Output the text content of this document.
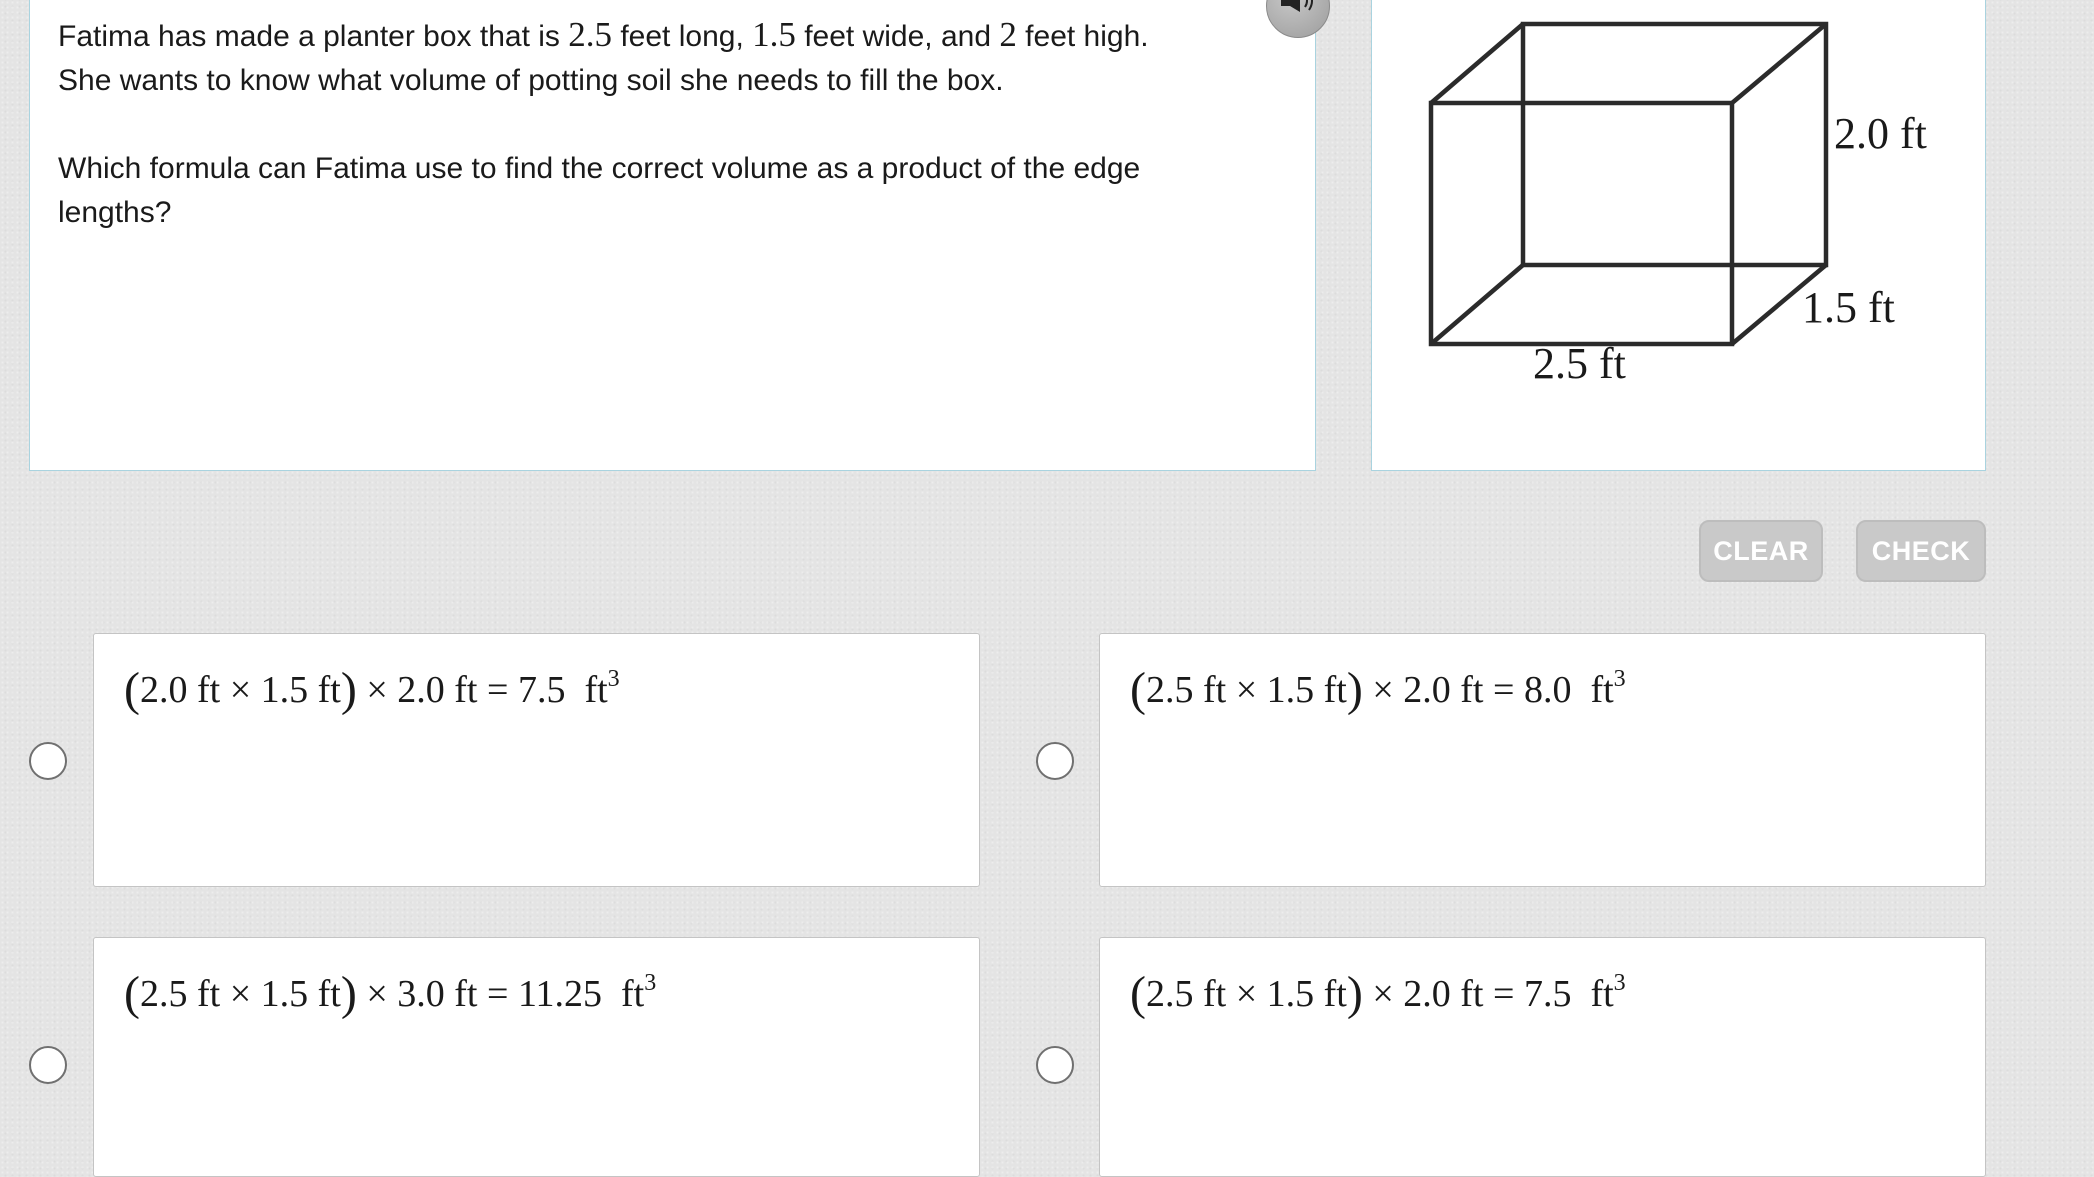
Fatima has made a planter box that is 2.5 feet long, 1.5 feet wide, and 2 feet high.

She wants to know what volume of potting soil she needs to fill the box.

Which formula can Fatima use to find the correct volume as a product of the edge

lengths?

2.0 ft
1.5 ft
2.5 ft
CLEAR	CHECK
(2.0 ft × 1.5 ft) × 2.0 ft = 7.5 $ft^3$	(2.5 ft × 1.5 ft) × 2.0 ft = 8.0 $ft^3$
(2.5 ft × 1.5 ft) × 3.0 ft = 11.25 $ft^3$	(2.5 ft × 1.5 ft) × 2.0 ft = 7.5 $ft^3$
